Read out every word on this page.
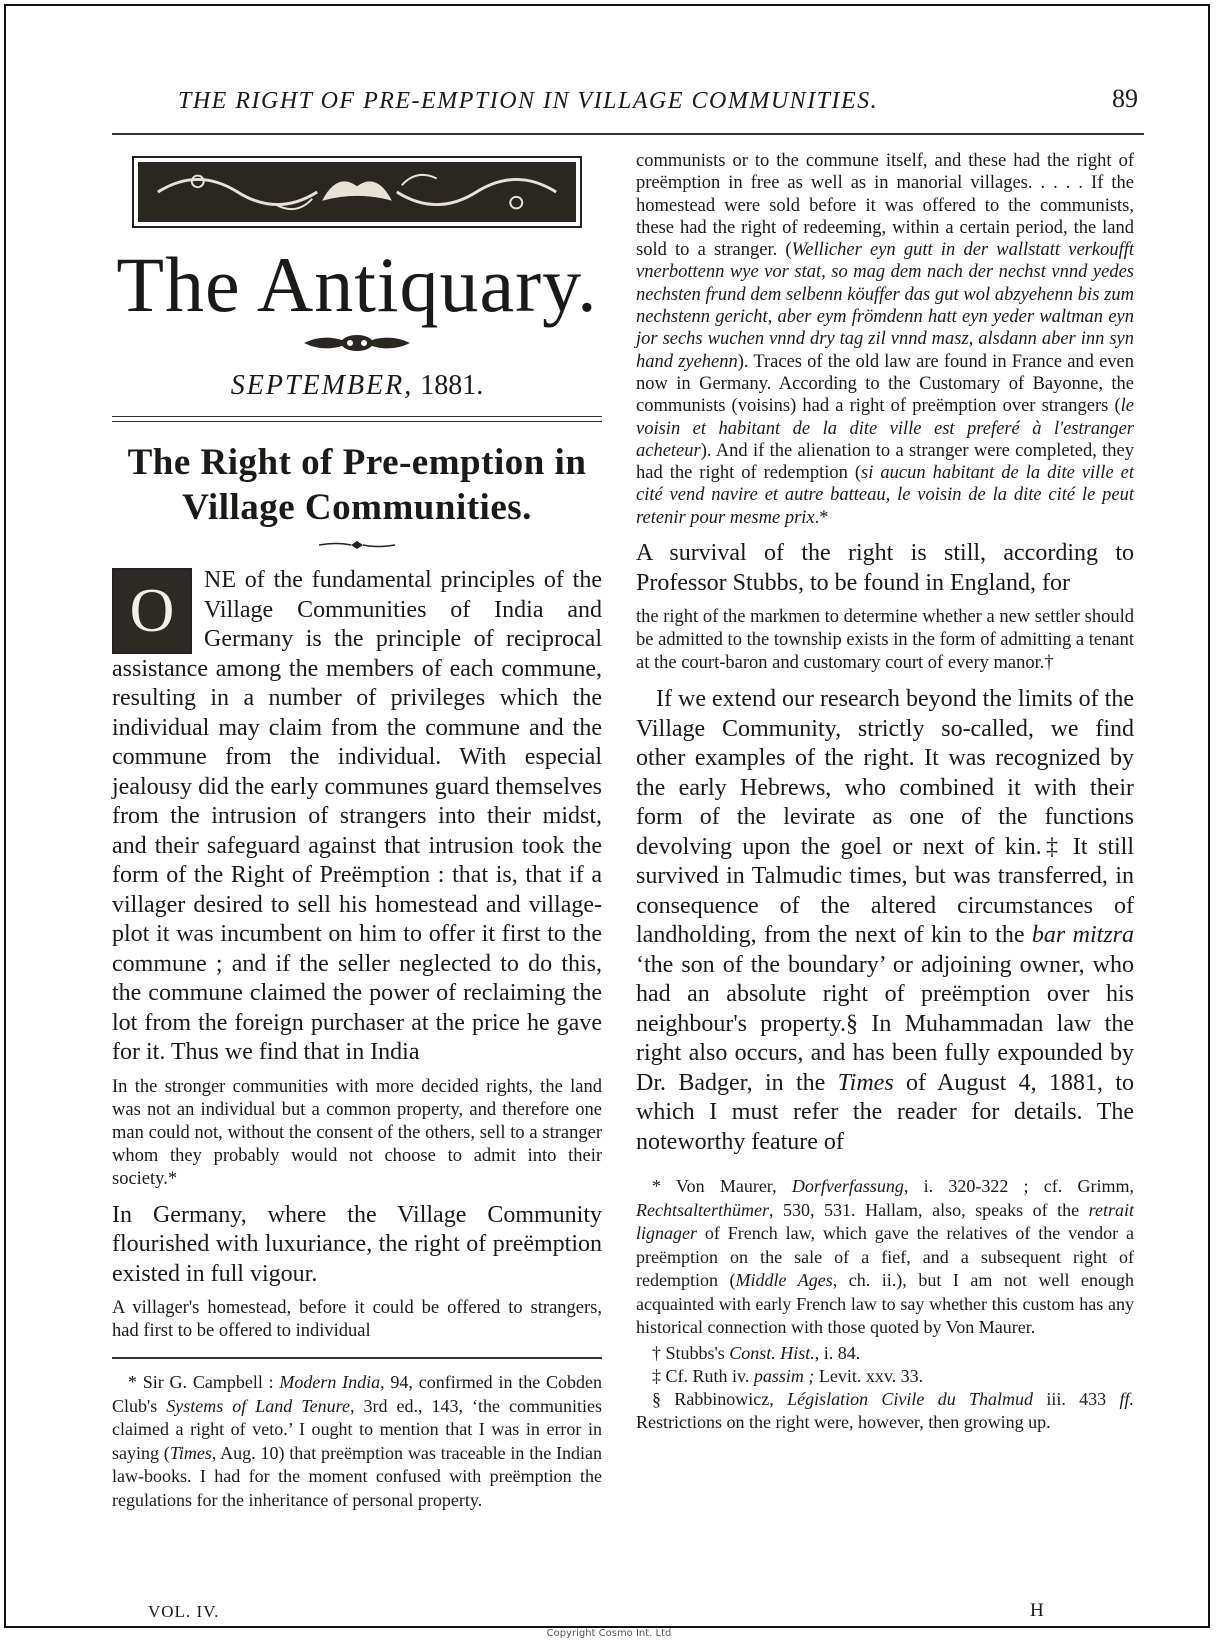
THE RIGHT OF PRE-EMPTION IN VILLAGE COMMUNITIES.	89
The Antiquary.
SEPTEMBER, 1881.
The Right of Pre-emption in
Village Communities.
O	NE of the fundamental principles of the Village Communities of India and Germany is the principle of reciprocal assistance among the members of each commune, resulting in a number of privileges which the individual may claim from the commune and the commune from the individual. With especial jealousy did the early communes guard themselves from the intrusion of strangers into their midst, and their safeguard against that intrusion took the form of the Right of Preëmption : that is, that if a villager desired to sell his homestead and village-plot it was incumbent on him to offer it first to the commune ; and if the seller neglected to do this, the commune claimed the power of reclaiming the lot from the foreign purchaser at the price he gave for it. Thus we find that in India

In the stronger communities with more decided rights, the land was not an individual but a common property, and therefore one man could not, without the consent of the others, sell to a stranger whom they probably would not choose to admit into their society.*

In Germany, where the Village Community flourished with luxuriance, the right of preëmption existed in full vigour.

A villager's homestead, before it could be offered to strangers, had first to be offered to individual

* Sir G. Campbell : Modern India, 94, confirmed in the Cobden Club's Systems of Land Tenure, 3rd ed., 143, ‘the communities claimed a right of veto.’ I ought to mention that I was in error in saying (Times, Aug. 10) that preëmption was traceable in the Indian law-books. I had for the moment confused with preëmption the regulations for the inheritance of personal property.

communists or to the commune itself, and these had the right of preëmption in free as well as in manorial villages. . . . . If the homestead were sold before it was offered to the communists, these had the right of redeeming, within a certain period, the land sold to a stranger. (Wellicher eyn gutt in der wallstatt verkoufft vnerbottenn wye vor stat, so mag dem nach der nechst vnnd yedes nechsten frund dem selbenn köuffer das gut wol abzyehenn bis zum nechstenn gericht, aber eym frömdenn hatt eyn yeder waltman eyn jor sechs wuchen vnnd dry tag zil vnnd masz, alsdann aber inn syn hand zyehenn). Traces of the old law are found in France and even now in Germany. According to the Customary of Bayonne, the communists (voisins) had a right of preëmption over strangers (le voisin et habitant de la dite ville est preferé à l'estranger acheteur). And if the alienation to a stranger were completed, they had the right of redemption (si aucun habitant de la dite ville et cité vend navire et autre batteau, le voisin de la dite cité le peut retenir pour mesme prix.*

A survival of the right is still, according to Professor Stubbs, to be found in England, for

the right of the markmen to determine whether a new settler should be admitted to the township exists in the form of admitting a tenant at the court-baron and customary court of every manor.†

If we extend our research beyond the limits of the Village Community, strictly so-called, we find other examples of the right. It was recognized by the early Hebrews, who combined it with their form of the levirate as one of the functions devolving upon the goel or next of kin.‡ It still survived in Talmudic times, but was transferred, in consequence of the altered circumstances of landholding, from the next of kin to the bar mitzra ‘the son of the boundary’ or adjoining owner, who had an absolute right of preëmption over his neighbour's property.§ In Muhammadan law the right also occurs, and has been fully expounded by Dr. Badger, in the Times of August 4, 1881, to which I must refer the reader for details. The noteworthy feature of

* Von Maurer, Dorfverfassung, i. 320-322 ; cf. Grimm, Rechtsalterthümer, 530, 531. Hallam, also, speaks of the retrait lignager of French law, which gave the relatives of the vendor a preëmption on the sale of a fief, and a subsequent right of redemption (Middle Ages, ch. ii.), but I am not well enough acquainted with early French law to say whether this custom has any historical connection with those quoted by Von Maurer.

† Stubbs's Const. Hist., i. 84.

‡ Cf. Ruth iv. passim ; Levit. xxv. 33.

§ Rabbinowicz, Législation Civile du Thalmud iii. 433 ff. Restrictions on the right were, however, then growing up.

VOL. IV.	H
Copyright Cosmo Int. Ltd
